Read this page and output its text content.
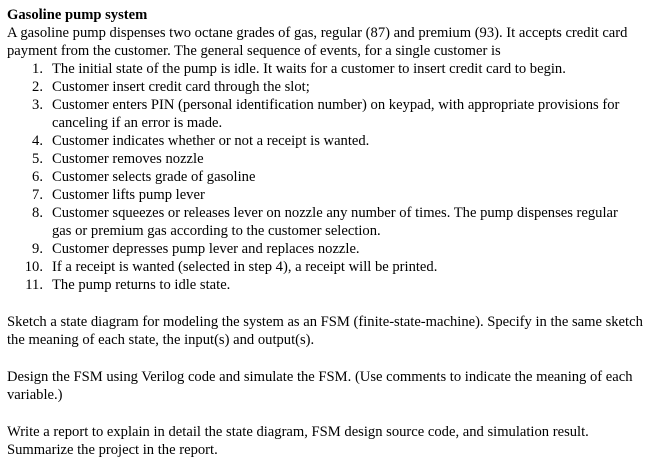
Gasoline pump system

A gasoline pump dispenses two octane grades of gas, regular (87) and premium (93). It accepts credit card payment from the customer. The general sequence of events, for a single customer is

1. The initial state of the pump is idle. It waits for a customer to insert credit card to begin.
2. Customer insert credit card through the slot;
3. Customer enters PIN (personal identification number) on keypad, with appropriate provisions for canceling if an error is made.
4. Customer indicates whether or not a receipt is wanted.
5. Customer removes nozzle
6. Customer selects grade of gasoline
7. Customer lifts pump lever
8. Customer squeezes or releases lever on nozzle any number of times. The pump dispenses regular gas or premium gas according to the customer selection.
9. Customer depresses pump lever and replaces nozzle.
10. If a receipt is wanted (selected in step 4), a receipt will be printed.
11. The pump returns to idle state.

Sketch a state diagram for modeling the system as an FSM (finite-state-machine). Specify in the same sketch the meaning of each state, the input(s) and output(s).

Design the FSM using Verilog code and simulate the FSM. (Use comments to indicate the meaning of each variable.)

Write a report to explain in detail the state diagram, FSM design source code, and simulation result. Summarize the project in the report.
